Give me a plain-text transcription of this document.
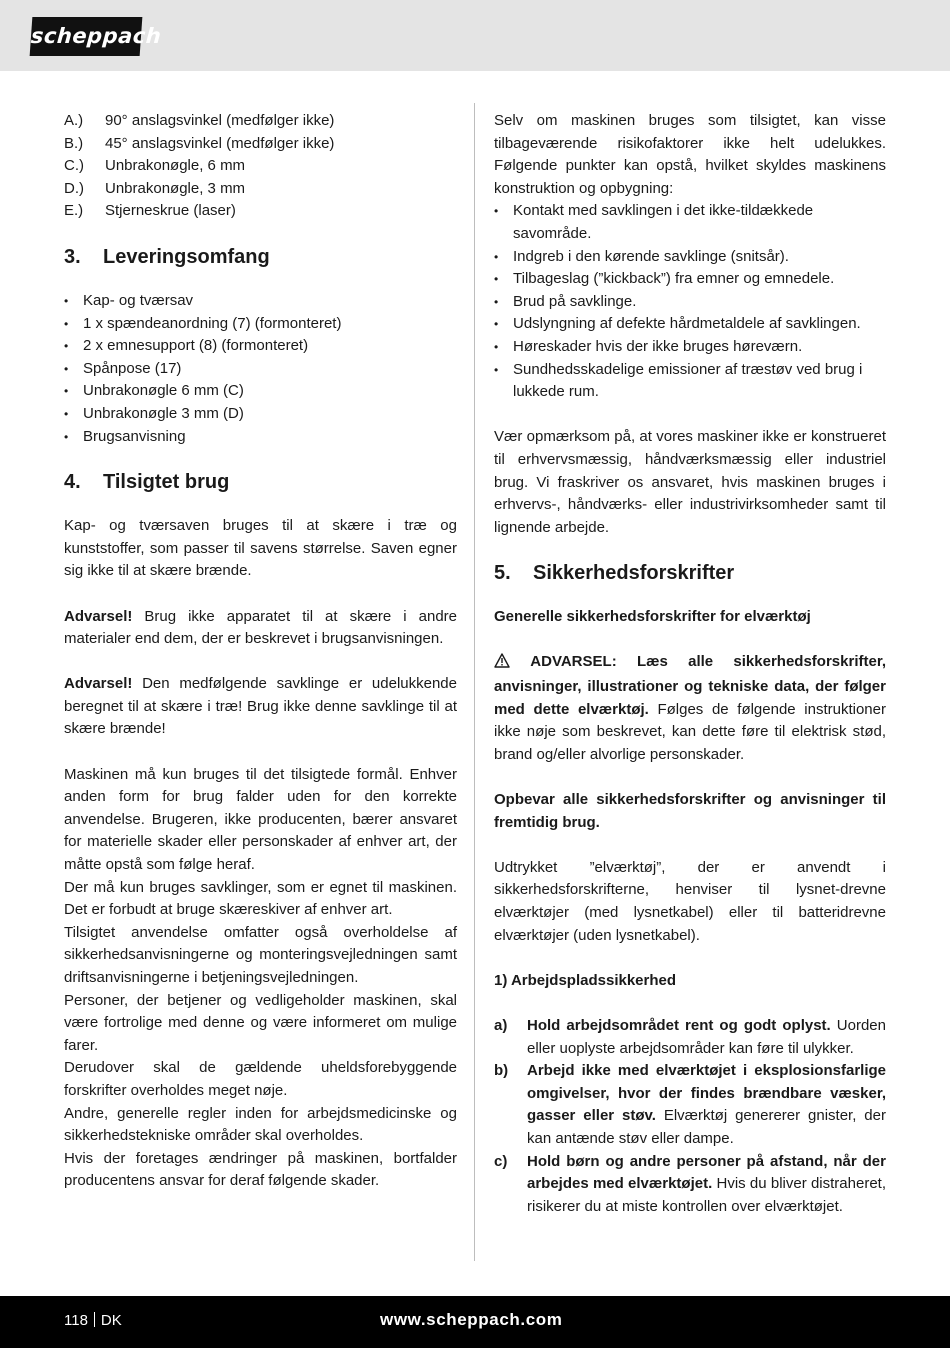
scheppach
A.)	90° anslagsvinkel (medfølger ikke)
B.)	45° anslagsvinkel (medfølger ikke)
C.)	Unbrakonøgle, 6 mm
D.)	Unbrakonøgle, 3 mm
E.)	Stjerneskrue (laser)
3.	Leveringsomfang
• Kap- og tværsav
• 1 x spændeanordning (7) (formonteret)
• 2 x emnesupport (8) (formonteret)
• Spånpose (17)
• Unbrakonøgle 6 mm (C)
• Unbrakonøgle 3 mm (D)
• Brugsanvisning
4.	Tilsigtet brug

Kap- og tværsaven bruges til at skære i træ og kunststoffer, som passer til savens størrelse. Saven egner sig ikke til at skære brænde.

Advarsel! Brug ikke apparatet til at skære i andre materialer end dem, der er beskrevet i brugsanvisningen.

Advarsel! Den medfølgende savklinge er udelukkende beregnet til at skære i træ! Brug ikke denne savklinge til at skære brænde!

Maskinen må kun bruges til det tilsigtede formål. Enhver anden form for brug falder uden for den korrekte anvendelse. Brugeren, ikke producenten, bærer ansvaret for materielle skader eller personskader af enhver art, der måtte opstå som følge heraf.

Der må kun bruges savklinger, som er egnet til maskinen. Det er forbudt at bruge skæreskiver af enhver art.

Tilsigtet anvendelse omfatter også overholdelse af sikkerhedsanvisningerne og monteringsvejledningen samt driftsanvisningerne i betjeningsvejledningen.

Personer, der betjener og vedligeholder maskinen, skal være fortrolige med denne og være informeret om mulige farer.

Derudover skal de gældende uheldsforebyggende forskrifter overholdes meget nøje.

Andre, generelle regler inden for arbejdsmedicinske og sikkerhedstekniske områder skal overholdes.

Hvis der foretages ændringer på maskinen, bortfalder producentens ansvar for deraf følgende skader.

Selv om maskinen bruges som tilsigtet, kan visse tilbageværende risikofaktorer ikke helt udelukkes. Følgende punkter kan opstå, hvilket skyldes maskinens konstruktion og opbygning:

• Kontakt med savklingen i det ikke-tildækkede savområde.
• Indgreb i den kørende savklinge (snitsår).
• Tilbageslag (”kickback”) fra emner og emnedele.
• Brud på savklinge.
• Udslyngning af defekte hårdmetaldele af savklingen.
• Høreskader hvis der ikke bruges høreværn.
• Sundhedsskadelige emissioner af træstøv ved brug i lukkede rum.

Vær opmærksom på, at vores maskiner ikke er konstrueret til erhvervsmæssig, håndværksmæssig eller industriel brug. Vi fraskriver os ansvaret, hvis maskinen bruges i erhvervs-, håndværks- eller industrivirksomheder samt til lignende arbejde.

5.	Sikkerhedsforskrifter

Generelle sikkerhedsforskrifter for elværktøj

ADVARSEL: Læs alle sikkerhedsforskrifter, anvisninger, illustrationer og tekniske data, der følger med dette elværktøj. Følges de følgende instruktioner ikke nøje som beskrevet, kan dette føre til elektrisk stød, brand og/eller alvorlige personskader.

Opbevar alle sikkerhedsforskrifter og anvisninger til fremtidig brug.

Udtrykket ”elværktøj”, der er anvendt i sikkerhedsforskrifterne, henviser til lysnet-drevne elværktøjer (med lysnetkabel) eller til batteridrevne elværktøjer (uden lysnetkabel).

1) Arbejdspladssikkerhed

a)	Hold arbejdsområdet rent og godt oplyst. Uorden eller uoplyste arbejdsområder kan føre til ulykker.
b)	Arbejd ikke med elværktøjet i eksplosionsfarlige omgivelser, hvor der findes brændbare væsker, gasser eller støv. Elværktøj genererer gnister, der kan antænde støv eller dampe.
c)	Hold børn og andre personer på afstand, når der arbejdes med elværktøjet. Hvis du bliver distraheret, risikerer du at miste kontrollen over elværktøjet.
118 DK	www.scheppach.com
